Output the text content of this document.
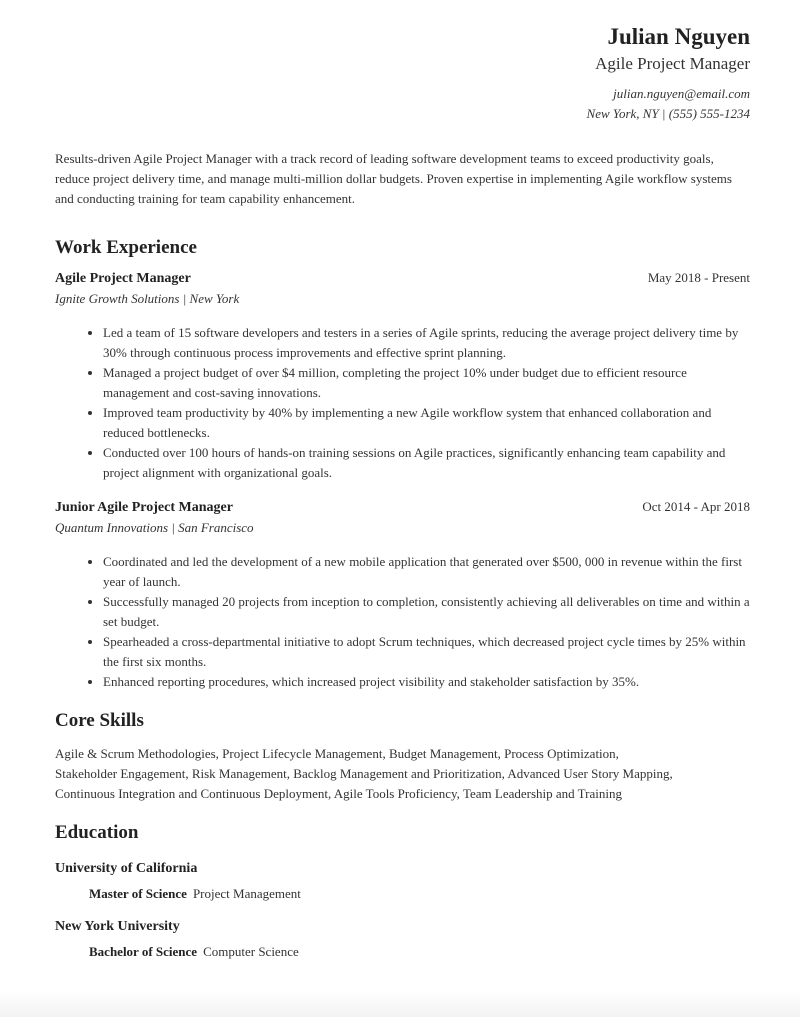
Julian Nguyen
Agile Project Manager
julian.nguyen@email.com
New York, NY | (555) 555-1234
Results-driven Agile Project Manager with a track record of leading software development teams to exceed productivity goals, reduce project delivery time, and manage multi-million dollar budgets. Proven expertise in implementing Agile workflow systems and conducting training for team capability enhancement.
Work Experience
Agile Project Manager	May 2018 - Present
Ignite Growth Solutions | New York
• Led a team of 15 software developers and testers in a series of Agile sprints, reducing the average project delivery time by 30% through continuous process improvements and effective sprint planning.
• Managed a project budget of over $4 million, completing the project 10% under budget due to efficient resource management and cost-saving innovations.
• Improved team productivity by 40% by implementing a new Agile workflow system that enhanced collaboration and reduced bottlenecks.
• Conducted over 100 hours of hands-on training sessions on Agile practices, significantly enhancing team capability and project alignment with organizational goals.
Junior Agile Project Manager	Oct 2014 - Apr 2018
Quantum Innovations | San Francisco
• Coordinated and led the development of a new mobile application that generated over $500, 000 in revenue within the first year of launch.
• Successfully managed 20 projects from inception to completion, consistently achieving all deliverables on time and within a set budget.
• Spearheaded a cross-departmental initiative to adopt Scrum techniques, which decreased project cycle times by 25% within the first six months.
• Enhanced reporting procedures, which increased project visibility and stakeholder satisfaction by 35%.
Core Skills
Agile & Scrum Methodologies, Project Lifecycle Management, Budget Management, Process Optimization,
Stakeholder Engagement, Risk Management, Backlog Management and Prioritization, Advanced User Story Mapping,
Continuous Integration and Continuous Deployment, Agile Tools Proficiency, Team Leadership and Training
Education
University of California
Master of Science Project Management
New York University
Bachelor of Science Computer Science
